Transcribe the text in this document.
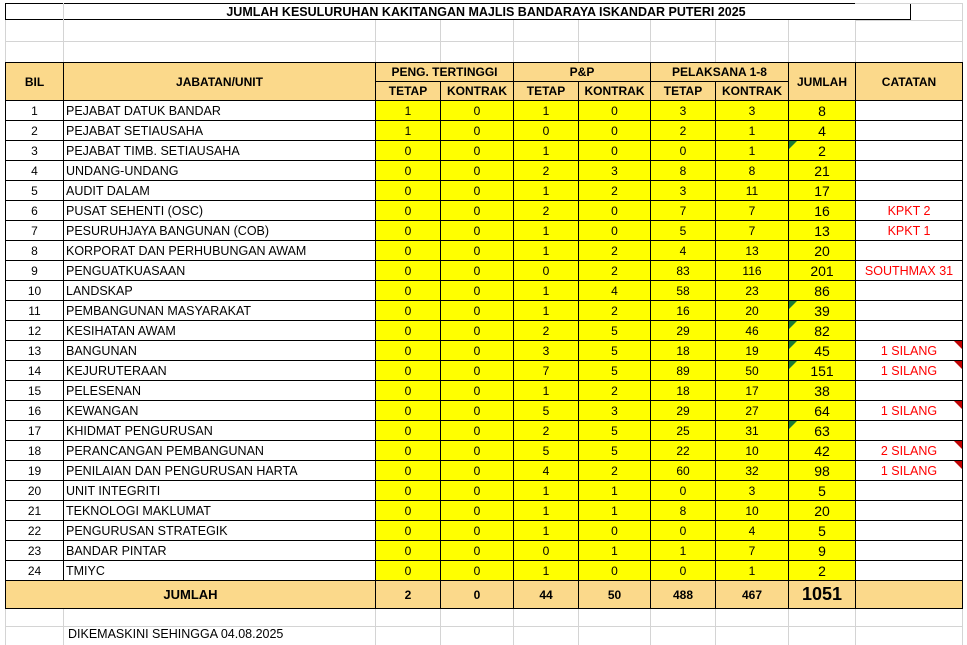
JUMLAH KESULURUHAN KAKITANGAN MAJLIS BANDARAYA ISKANDAR PUTERI 2025
BIL	JABATAN/UNIT	PENG. TERTINGGI		P&P		PELAKSANA 1-8		JUMLAH	CATATAN
		TETAP	KONTRAK	TETAP	KONTRAK	TETAP	KONTRAK		
1	PEJABAT DATUK BANDAR	1	0	1	0	3	3	8	
2	PEJABAT SETIAUSAHA	1	0	0	0	2	1	4	
3	PEJABAT TIMB. SETIAUSAHA	0	0	1	0	0	1	2

4	UNDANG-UNDANG	0	0	2	3	8	8	21	
5	AUDIT DALAM	0	0	1	2	3	11	17	
6	PUSAT SEHENTI (OSC)	0	0	2	0	7	7	16	KPKT 2
7	PESURUHJAYA BANGUNAN (COB)	0	0	1	0	5	7	13	KPKT 1
8	KORPORAT DAN PERHUBUNGAN AWAM	0	0	1	2	4	13	20	
9	PENGUATKUASAAN	0	0	0	2	83	116	201	SOUTHMAX 31
10	LANDSKAP	0	0	1	4	58	23	86	
11	PEMBANGUNAN MASYARAKAT	0	0	1	2	16	20	39

12	KESIHATAN AWAM	0	0	2	5	29	46	82

13	BANGUNAN	0	0	3	5	18	19	45	1 SILANG

14	KEJURUTERAAN	0	0	7	5	89	50	151	1 SILANG

15	PELESENAN	0	0	1	2	18	17	38	
16	KEWANGAN	0	0	5	3	29	27	64	1 SILANG

17	KHIDMAT PENGURUSAN	0	0	2	5	25	31	63

18	PERANCANGAN PEMBANGUNAN	0	0	5	5	22	10	42	2 SILANG

19	PENILAIAN DAN PENGURUSAN HARTA	0	0	4	2	60	32	98	1 SILANG

20	UNIT INTEGRITI	0	0	1	1	0	3	5	
21	TEKNOLOGI MAKLUMAT	0	0	1	1	8	10	20	
22	PENGURUSAN STRATEGIK	0	0	1	0	0	4	5	
23	BANDAR PINTAR	0	0	0	1	1	7	9	
24	TMIYC	0	0	1	0	0	1	2	
JUMLAH		2	0	44	50	488	467	1051	
DIKEMASKINI SEHINGGA 04.08.2025
